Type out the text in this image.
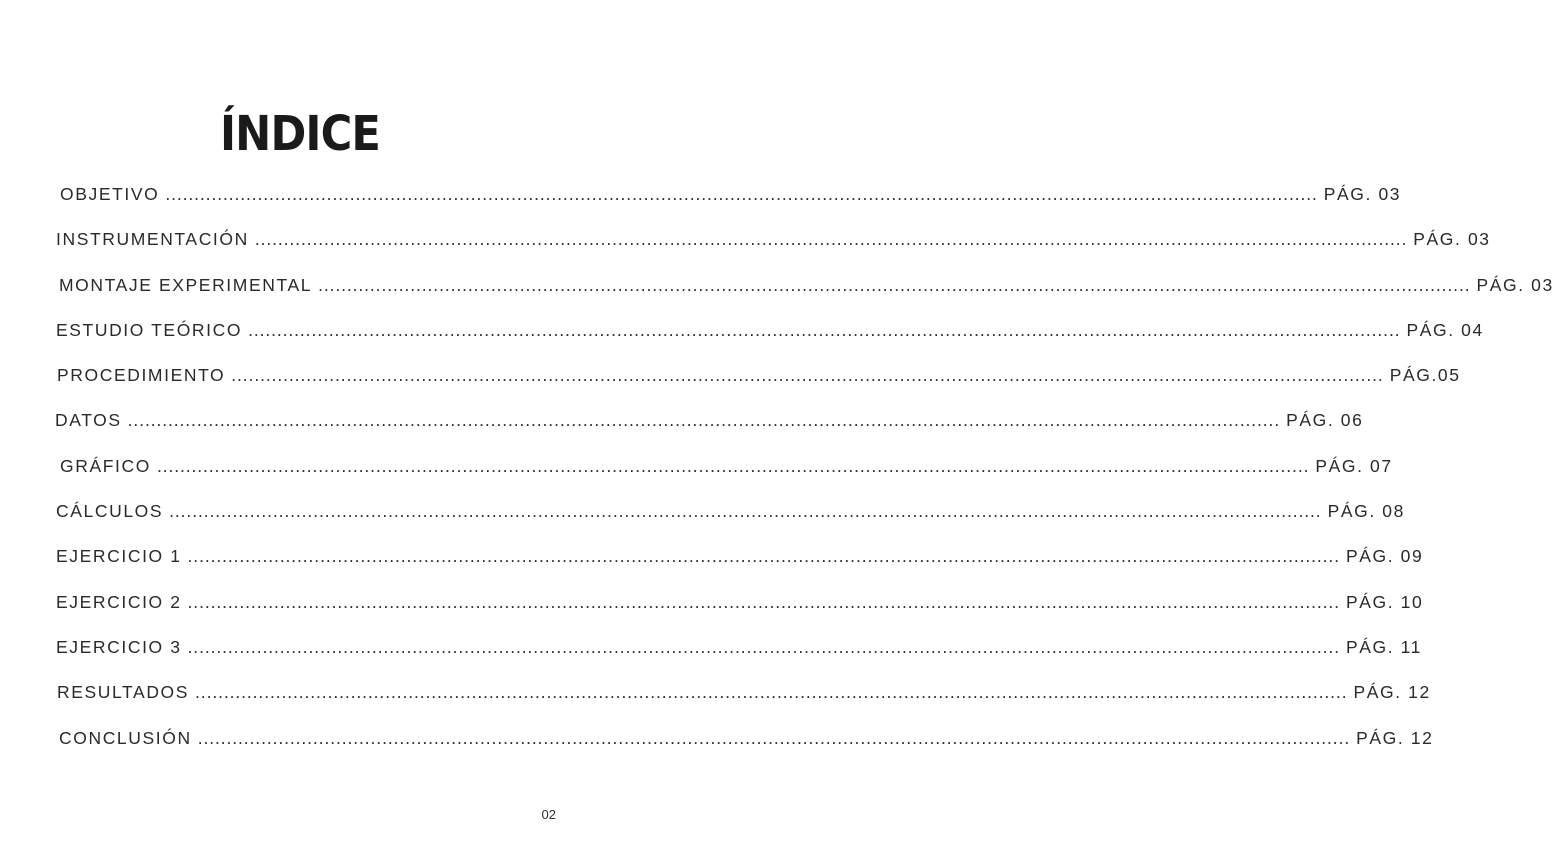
ÍNDICE
OBJETIVO ........................................................................................................................................................................................................ PÁG. 03
INSTRUMENTACIÓN ........................................................................................................................................................................................................ PÁG. 03
MONTAJE EXPERIMENTAL ........................................................................................................................................................................................................ PÁG. 03
ESTUDIO TEÓRICO ........................................................................................................................................................................................................ PÁG. 04
PROCEDIMIENTO ........................................................................................................................................................................................................ PÁG.05
DATOS ........................................................................................................................................................................................................ PÁG. 06
GRÁFICO ........................................................................................................................................................................................................ PÁG. 07
CÁLCULOS ........................................................................................................................................................................................................ PÁG. 08
EJERCICIO 1 ........................................................................................................................................................................................................ PÁG. 09
EJERCICIO 2 ........................................................................................................................................................................................................ PÁG. 10
EJERCICIO 3 ........................................................................................................................................................................................................ PÁG. 11
RESULTADOS ........................................................................................................................................................................................................ PÁG. 12
CONCLUSIÓN ........................................................................................................................................................................................................ PÁG. 12
02
